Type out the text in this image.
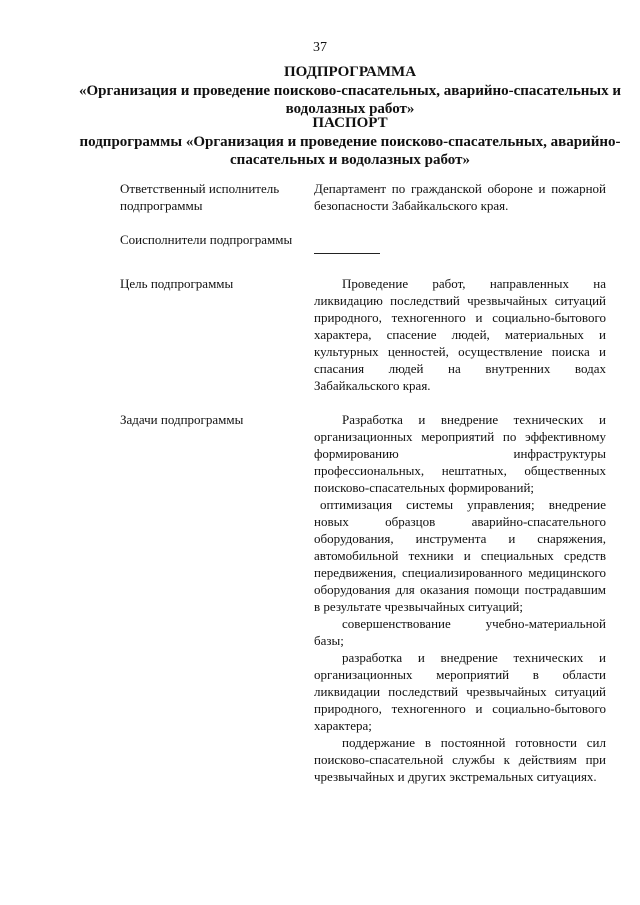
37
ПОДПРОГРАММА
«Организация и проведение поисково-спасательных, аварийно-спасательных и водолазных работ»
ПАСПОРТ
подпрограммы «Организация и проведение поисково-спасательных, аварийно-спасательных и водолазных работ»
Ответственный исполнитель подпрограммы

Департамент по гражданской обороне и пожарной безопасности Забайкальского края.

Соисполнители подпрограммы
Цель подпрограммы	Проведение работ, направленных на ликвидацию последствий чрезвычайных ситуаций природного, техногенного и социально-бытового характера, спасение людей, материальных и культурных ценностей, осуществление поиска и спасания людей на внутренних водах Забайкальского края.

Задачи подпрограммы	Разработка и внедрение технических и организационных мероприятий по эффективному формированию инфраструктуры профессиональных, нештатных, общественных поисково-спасательных формирований;

оптимизация системы управления; внедрение новых образцов аварийно-спасательного оборудования, инструмента и снаряжения, автомобильной техники и специальных средств передвижения, специализированного медицинского оборудования для оказания помощи пострадавшим в результате чрезвычайных ситуаций;

совершенствование учебно-материальной базы;

разработка и внедрение технических и организационных мероприятий в области ликвидации последствий чрезвычайных ситуаций природного, техногенного и социально-бытового характера;

поддержание в постоянной готовности сил поисково-спасательной службы к действиям при чрезвычайных и других экстремальных ситуациях.
